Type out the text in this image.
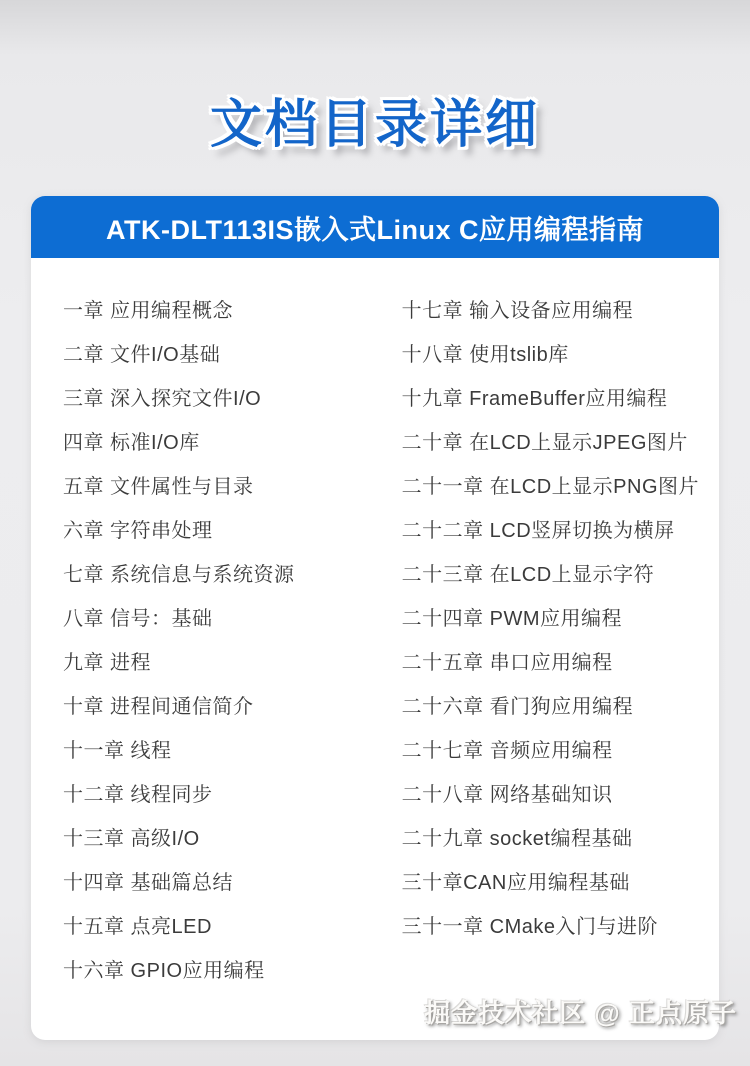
文档目录详细
ATK-DLT113IS嵌入式Linux C应用编程指南
一章 应用编程概念
二章 文件I/O基础
三章 深入探究文件I/O
四章 标准I/O库
五章 文件属性与目录
六章 字符串处理
七章 系统信息与系统资源
八章 信号：基础
九章 进程
十章 进程间通信简介
十一章 线程
十二章 线程同步
十三章 高级I/O
十四章 基础篇总结
十五章 点亮LED
十六章 GPIO应用编程
十七章 输入设备应用编程
十八章 使用tslib库
十九章 FrameBuffer应用编程
二十章 在LCD上显示JPEG图片
二十一章 在LCD上显示PNG图片
二十二章 LCD竖屏切换为横屏
二十三章 在LCD上显示字符
二十四章 PWM应用编程
二十五章 串口应用编程
二十六章 看门狗应用编程
二十七章 音频应用编程
二十八章 网络基础知识
二十九章 socket编程基础
三十章CAN应用编程基础
三十一章 CMake入门与进阶
掘金技术社区 @ 正点原子
